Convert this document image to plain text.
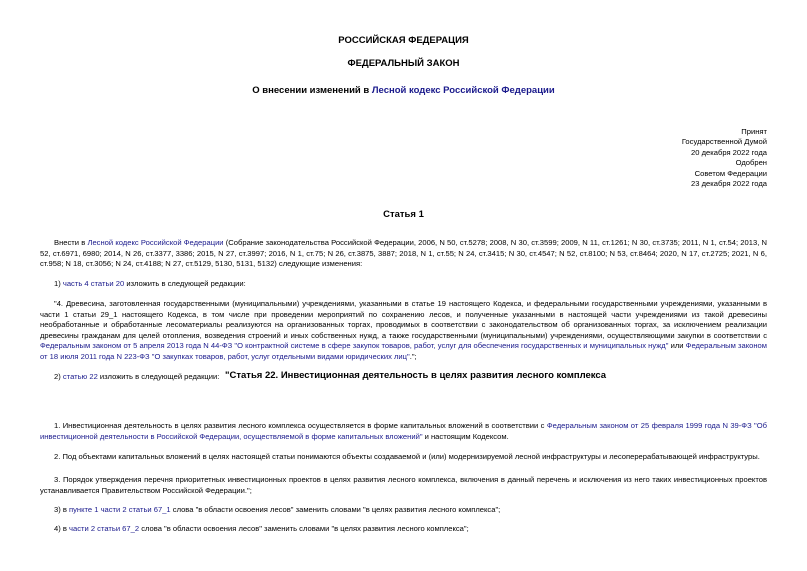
РОССИЙСКАЯ ФЕДЕРАЦИЯ
ФЕДЕРАЛЬНЫЙ ЗАКОН
О внесении изменений в Лесной кодекс Российской Федерации
Принят
Государственной Думой
20 декабря 2022 года
Одобрен
Советом Федерации
23 декабря 2022 года
Статья 1
Внести в Лесной кодекс Российской Федерации (Собрание законодательства Российской Федерации, 2006, N 50, ст.5278; 2008, N 30, ст.3599; 2009, N 11, ст.1261; N 30, ст.3735; 2011, N 1, ст.54; 2013, N 52, ст.6971, 6980; 2014, N 26, ст.3377, 3386; 2015, N 27, ст.3997; 2016, N 1, ст.75; N 26, ст.3875, 3887; 2018, N 1, ст.55; N 24, ст.3415; N 30, ст.4547; N 52, ст.8100; N 53, ст.8464; 2020, N 17, ст.2725; 2021, N 6, ст.958; N 18, ст.3056; N 24, ст.4188; N 27, ст.5129, 5130, 5131, 5132) следующие изменения:
1) часть 4 статьи 20 изложить в следующей редакции:
"4. Древесина, заготовленная государственными (муниципальными) учреждениями, указанными в статье 19 настоящего Кодекса, и федеральными государственными учреждениями, указанными в части 1 статьи 29_1 настоящего Кодекса, в том числе при проведении мероприятий по сохранению лесов, и полученные указанными в настоящей части учреждениями из такой древесины необработанные и обработанные лесоматериалы реализуются на организованных торгах, проводимых в соответствии с законодательством об организованных торгах, за исключением реализации древесины гражданам для целей отопления, возведения строений и иных собственных нужд, а также государственными (муниципальными) учреждениями, осуществляющими закупки в соответствии с Федеральным законом от 5 апреля 2013 года N 44-ФЗ "О контрактной системе в сфере закупок товаров, работ, услуг для обеспечения государственных и муниципальных нужд" или Федеральным законом от 18 июля 2011 года N 223-ФЗ "О закупках товаров, работ, услуг отдельными видами юридических лиц".";
2) статью 22 изложить в следующей редакции: "Статья 22. Инвестиционная деятельность в целях развития лесного комплекса
1. Инвестиционная деятельность в целях развития лесного комплекса осуществляется в форме капитальных вложений в соответствии с Федеральным законом от 25 февраля 1999 года N 39-ФЗ "Об инвестиционной деятельности в Российской Федерации, осуществляемой в форме капитальных вложений" и настоящим Кодексом.
2. Под объектами капитальных вложений в целях настоящей статьи понимаются объекты создаваемой и (или) модернизируемой лесной инфраструктуры и лесоперерабатывающей инфраструктуры.
3. Порядок утверждения перечня приоритетных инвестиционных проектов в целях развития лесного комплекса, включения в данный перечень и исключения из него таких инвестиционных проектов устанавливается Правительством Российской Федерации.";
3) в пункте 1 части 2 статьи 67_1 слова "в области освоения лесов" заменить словами "в целях развития лесного комплекса";
4) в части 2 статьи 67_2 слова "в области освоения лесов" заменить словами "в целях развития лесного комплекса";
